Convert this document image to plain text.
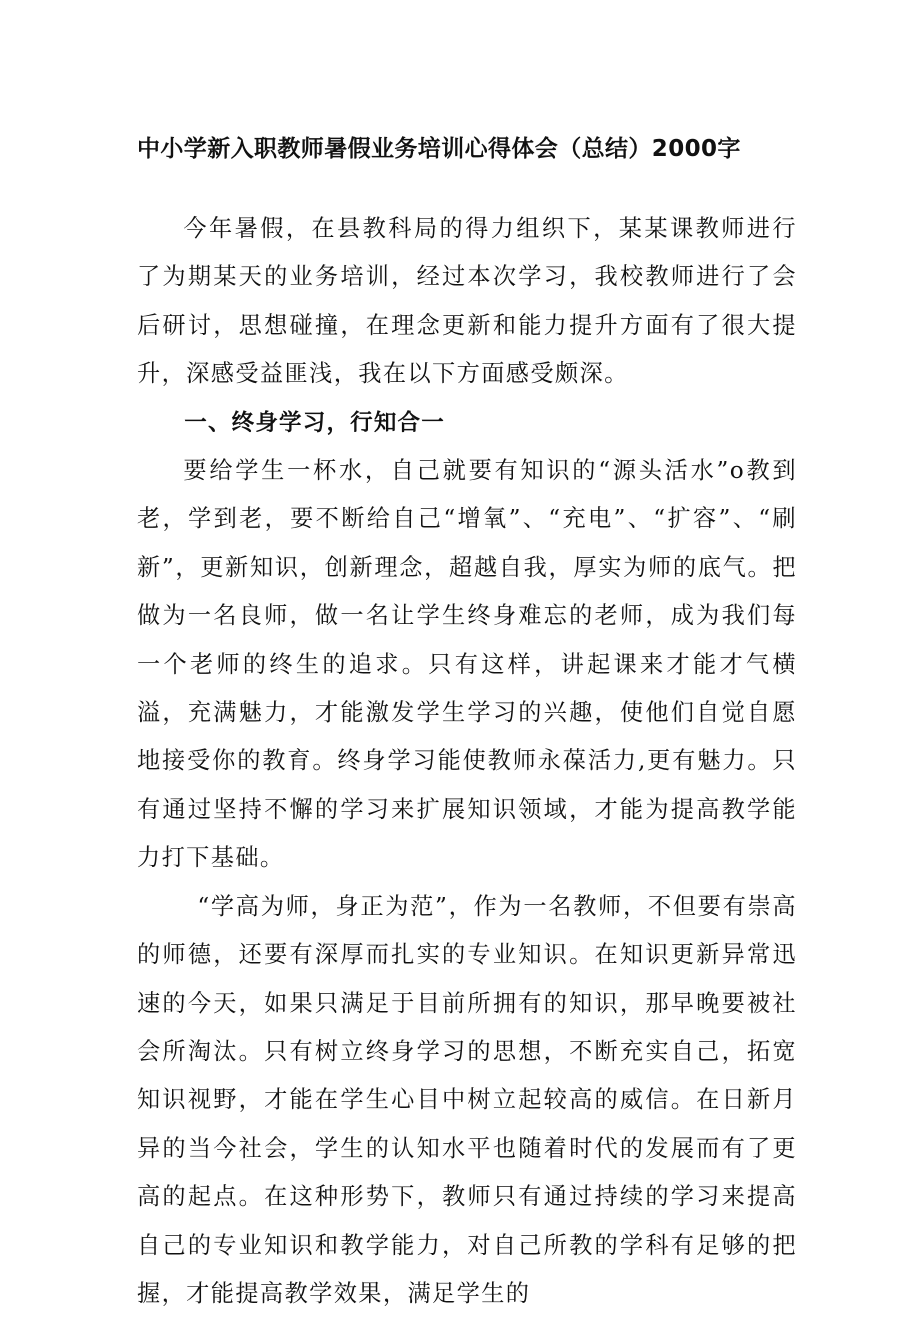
中小学新入职教师暑假业务培训心得体会（总结）2000字

今年暑假，在县教科局的得力组织下，某某课教师进行了为期某天的业务培训，经过本次学习，我校教师进行了会后研讨，思想碰撞，在理念更新和能力提升方面有了很大提升，深感受益匪浅，我在以下方面感受颇深。

一、终身学习，行知合一

要给学生一杯水，自己就要有知识的“源头活水”o教到老，学到老，要不断给自己“增氧”、“充电”、“扩容”、“刷新”，更新知识，创新理念，超越自我，厚实为师的底气。把做为一名良师，做一名让学生终身难忘的老师，成为我们每一个老师的终生的追求。只有这样，讲起课来才能才气横溢，充满魅力，才能激发学生学习的兴趣，使他们自觉自愿地接受你的教育。终身学习能使教师永葆活力,更有魅力。只有通过坚持不懈的学习来扩展知识领域，才能为提高教学能力打下基础。

“学高为师，身正为范”，作为一名教师，不但要有崇高的师德，还要有深厚而扎实的专业知识。在知识更新异常迅速的今天，如果只满足于目前所拥有的知识，那早晚要被社会所淘汰。只有树立终身学习的思想，不断充实自己，拓宽知识视野，才能在学生心目中树立起较高的威信。在日新月异的当今社会，学生的认知水平也随着时代的发展而有了更高的起点。在这种形势下，教师只有通过持续的学习来提高自己的专业知识和教学能力，对自己所教的学科有足够的把握，才能提高教学效果，满足学生的
